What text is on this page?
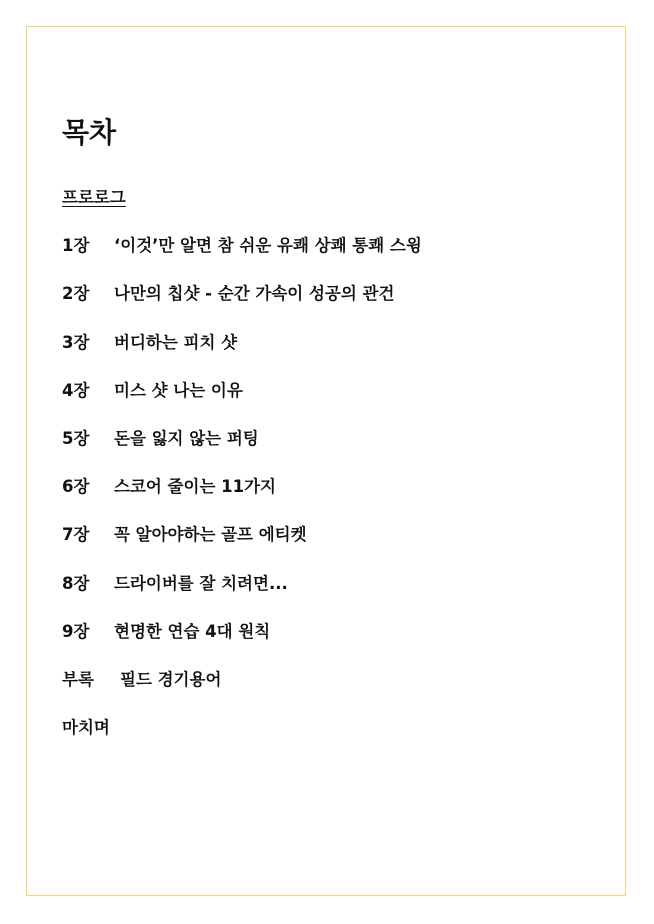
목차
프로로그
1장	‘이것’만 알면 참 쉬운 유쾌 상쾌 통쾌 스윙
2장	나만의 칩샷 - 순간 가속이 성공의 관건
3장	버디하는 피치 샷
4장	미스 샷 나는 이유
5장	돈을 잃지 않는 퍼팅
6장	스코어 줄이는 11가지
7장	꼭 알아야하는 골프 에티켓
8장	드라이버를 잘 치려면...
9장	현명한 연습 4대 원칙
부록	필드 경기용어
마치며
